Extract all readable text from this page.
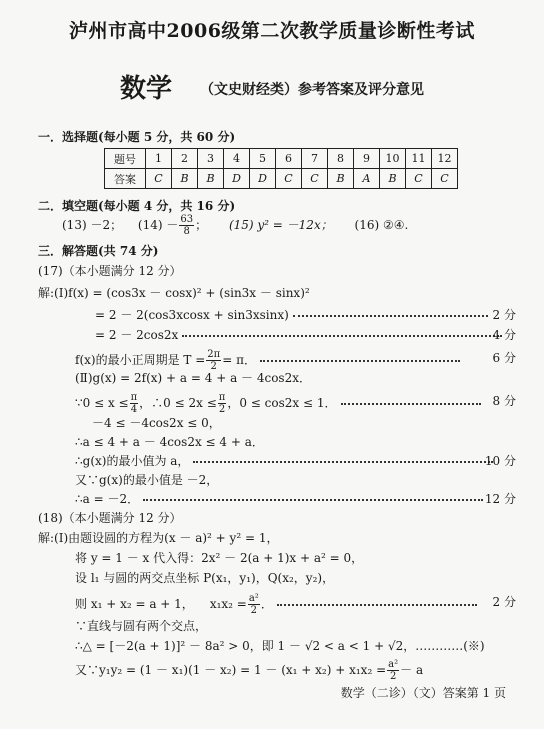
泸州市高中2006级第二次教学质量诊断性考试
数学 （文史财经类）参考答案及评分意见
一．选择题(每小题 5 分，共 60 分)
题号	1	2	3	4	5	6	7	8	9	10	11	12
答案	C	B	B	D	D	C	C	B	A	B	C	C
二．填空题(每小题 4 分，共 16 分)
(13) －2； $(14) - \frac{63}{8}$ ； (15) y² = －12x； (16) ②④.
三．解答题(共 74 分)
(17)（本小题满分 12 分）
解:(Ⅰ)f(x) = (cos3x － cosx)² + (sin3x － sinx)²
= 2 － 2(cos3xcosx + sin3xsinx)	2 分
= 2 － 2cos2x	4 分
f(x)的最小正周期是 $T = \frac{2\pi}{2} = \pi$．	6 分
(Ⅱ)g(x) = 2f(x) + a = 4 + a － 4cos2x．
∵0 ≤ $x \le \frac{\pi}{4}$ ，∴0 ≤ $2x \le \frac{\pi}{2}$ ，0 ≤ cos2x ≤ 1．	8 分
－4 ≤ －4cos2x ≤ 0，
∴a ≤ 4 + a － 4cos2x ≤ 4 + a．
∴g(x)的最小值为 a，	10 分
又∵g(x)的最小值是 －2，
∴a = －2．	12 分
(18)（本小题满分 12 分）
解:(Ⅰ)由题设圆的方程为(x － a)² + y² = 1，
将 y = 1 － x 代入得：2x² － 2(a + 1)x + a² = 0，
设 l₁ 与圆的两交点坐标 P(x₁，y₁)，Q(x₂，y₂)，
则 x₁ + x₂ = a + 1， $x_1x_2 = \frac{\text{a²}}{2}$ ．	2 分
∵直线与圆有两个交点，
∴△ = [－2(a + 1)]² － 8a² > 0，即 1 － √2 < a < 1 + √2，…………(※)
又∵y₁y₂ = $(1 - x_1)(1 - x_2) = 1 - (x_1 + x_2) + x_1x_2 = \frac{\text{a²}}{2} - a$
数学（二诊）（文）答案第 1 页
